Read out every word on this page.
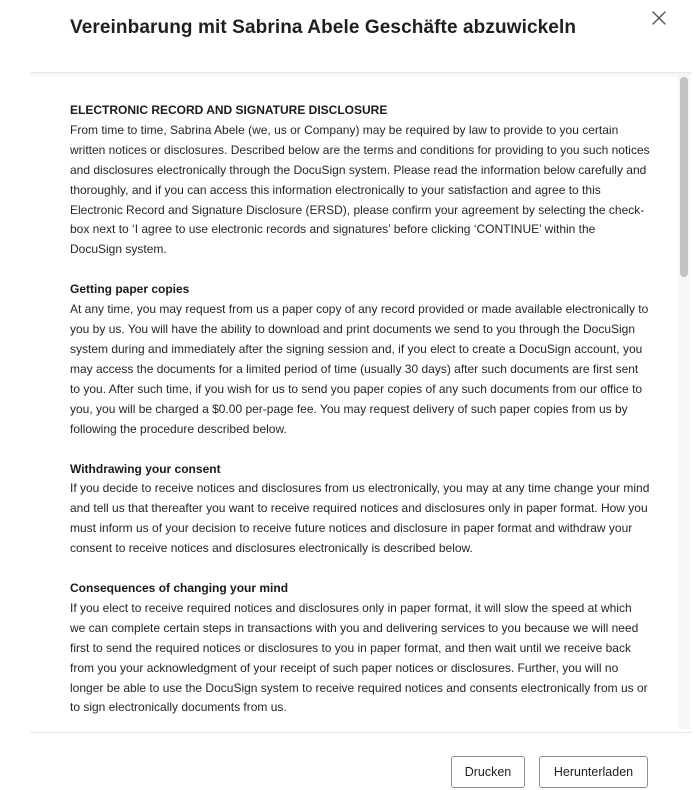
Vereinbarung mit Sabrina Abele Geschäfte abzuwickeln

ELECTRONIC RECORD AND SIGNATURE DISCLOSURE

From time to time, Sabrina Abele (we, us or Company) may be required by law to provide to you certain written notices or disclosures. Described below are the terms and conditions for providing to you such notices and disclosures electronically through the DocuSign system. Please read the information below carefully and thoroughly, and if you can access this information electronically to your satisfaction and agree to this Electronic Record and Signature Disclosure (ERSD), please confirm your agreement by selecting the check-box next to ‘I agree to use electronic records and signatures’ before clicking ‘CONTINUE’ within the DocuSign system.

Getting paper copies

At any time, you may request from us a paper copy of any record provided or made available electronically to you by us. You will have the ability to download and print documents we send to you through the DocuSign system during and immediately after the signing session and, if you elect to create a DocuSign account, you may access the documents for a limited period of time (usually 30 days) after such documents are first sent to you. After such time, if you wish for us to send you paper copies of any such documents from our office to you, you will be charged a $0.00 per-page fee. You may request delivery of such paper copies from us by following the procedure described below.

Withdrawing your consent

If you decide to receive notices and disclosures from us electronically, you may at any time change your mind and tell us that thereafter you want to receive required notices and disclosures only in paper format. How you must inform us of your decision to receive future notices and disclosure in paper format and withdraw your consent to receive notices and disclosures electronically is described below.

Consequences of changing your mind

If you elect to receive required notices and disclosures only in paper format, it will slow the speed at which we can complete certain steps in transactions with you and delivering services to you because we will need first to send the required notices or disclosures to you in paper format, and then wait until we receive back from you your acknowledgment of your receipt of such paper notices or disclosures. Further, you will no longer be able to use the DocuSign system to receive required notices and consents electronically from us or to sign electronically documents from us.

Drucken	Herunterladen
